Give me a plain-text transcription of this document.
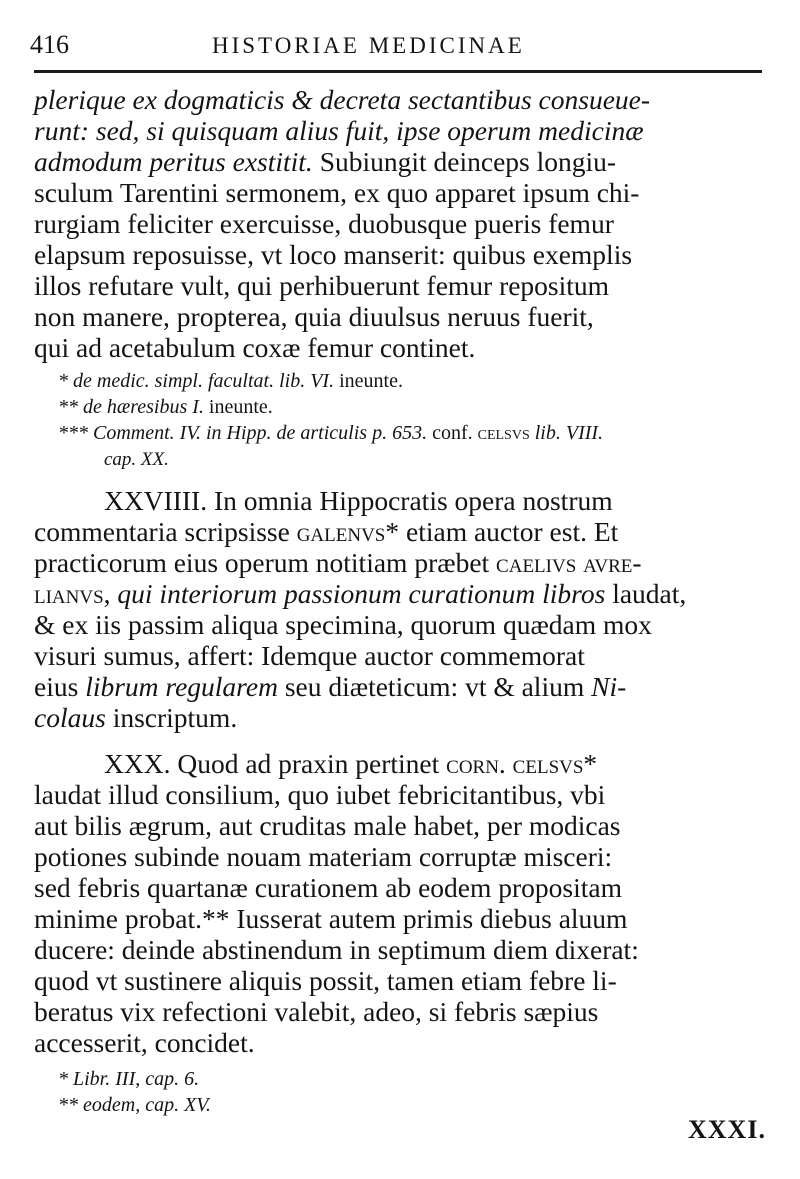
416	HISTORIAE MEDICINAE
plerique ex dogmaticis & decreta sectantibus consueue-
runt: sed, si quisquam alius fuit, ipse operum medicinæ
admodum peritus exstitit. Subiungit deinceps longiu-
sculum Tarentini sermonem, ex quo apparet ipsum chi-
rurgiam feliciter exercuisse, duobusque pueris femur
elapsum reposuisse, vt loco manserit: quibus exemplis
illos refutare vult, qui perhibuerunt femur repositum
non manere, propterea, quia diuulsus neruus fuerit,
qui ad acetabulum coxæ femur continet.
* de medic. simpl. facultat. lib. VI. ineunte.
** de hæresibus I. ineunte.
*** Comment. IV. in Hipp. de articulis p. 653. conf. celsvs lib. VIII.
cap. XX.
XXVIIII. In omnia Hippocratis opera nostrum
commentaria scripsisse galenvs* etiam auctor est. Et
practicorum eius operum notitiam præbet caelivs avre-
lianvs, qui interiorum passionum curationum libros laudat,
& ex iis passim aliqua specimina, quorum quædam mox
visuri sumus, affert: Idemque auctor commemorat
eius librum regularem seu diæteticum: vt & alium Ni-
colaus inscriptum.
XXX. Quod ad praxin pertinet corn. celsvs*
laudat illud consilium, quo iubet febricitantibus, vbi
aut bilis ægrum, aut cruditas male habet, per modicas
potiones subinde nouam materiam corruptæ misceri:
sed febris quartanæ curationem ab eodem propositam
minime probat.** Iusserat autem primis diebus aluum
ducere: deinde abstinendum in septimum diem dixerat:
quod vt sustinere aliquis possit, tamen etiam febre li-
beratus vix refectioni valebit, adeo, si febris sæpius
accesserit, concidet.
* Libr. III, cap. 6.
** eodem, cap. XV.
XXXI.
